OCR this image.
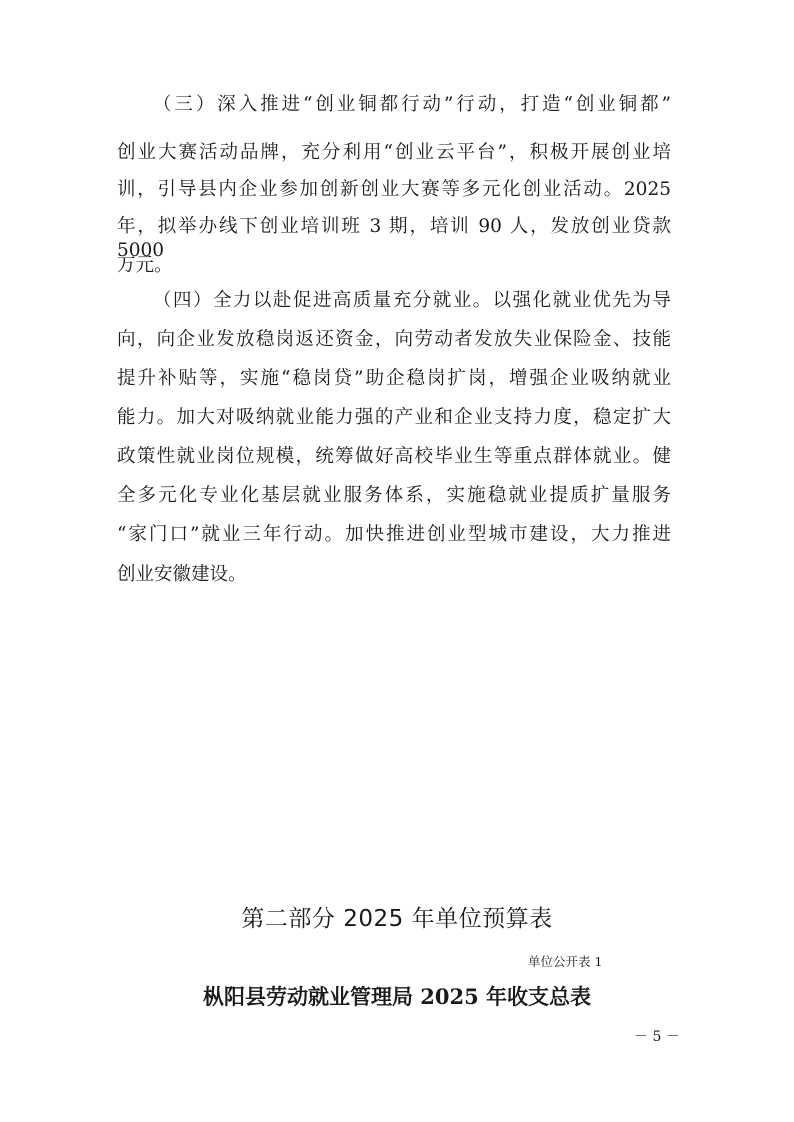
（三）深入推进“创业铜都行动”行动，打造“创业铜都”
创业大赛活动品牌，充分利用“创业云平台”，积极开展创业培
训，引导县内企业参加创新创业大赛等多元化创业活动。2025
年，拟举办线下创业培训班 3 期，培训 90 人，发放创业贷款 5000
万元。
（四）全力以赴促进高质量充分就业。以强化就业优先为导
向，向企业发放稳岗返还资金，向劳动者发放失业保险金、技能
提升补贴等，实施“稳岗贷”助企稳岗扩岗，增强企业吸纳就业
能力。加大对吸纳就业能力强的产业和企业支持力度，稳定扩大
政策性就业岗位规模，统筹做好高校毕业生等重点群体就业。健
全多元化专业化基层就业服务体系，实施稳就业提质扩量服务
“家门口”就业三年行动。加快推进创业型城市建设，大力推进
创业安徽建设。
第二部分 2025 年单位预算表
单位公开表 1
枞阳县劳动就业管理局 2025 年收支总表
－ 5 －
